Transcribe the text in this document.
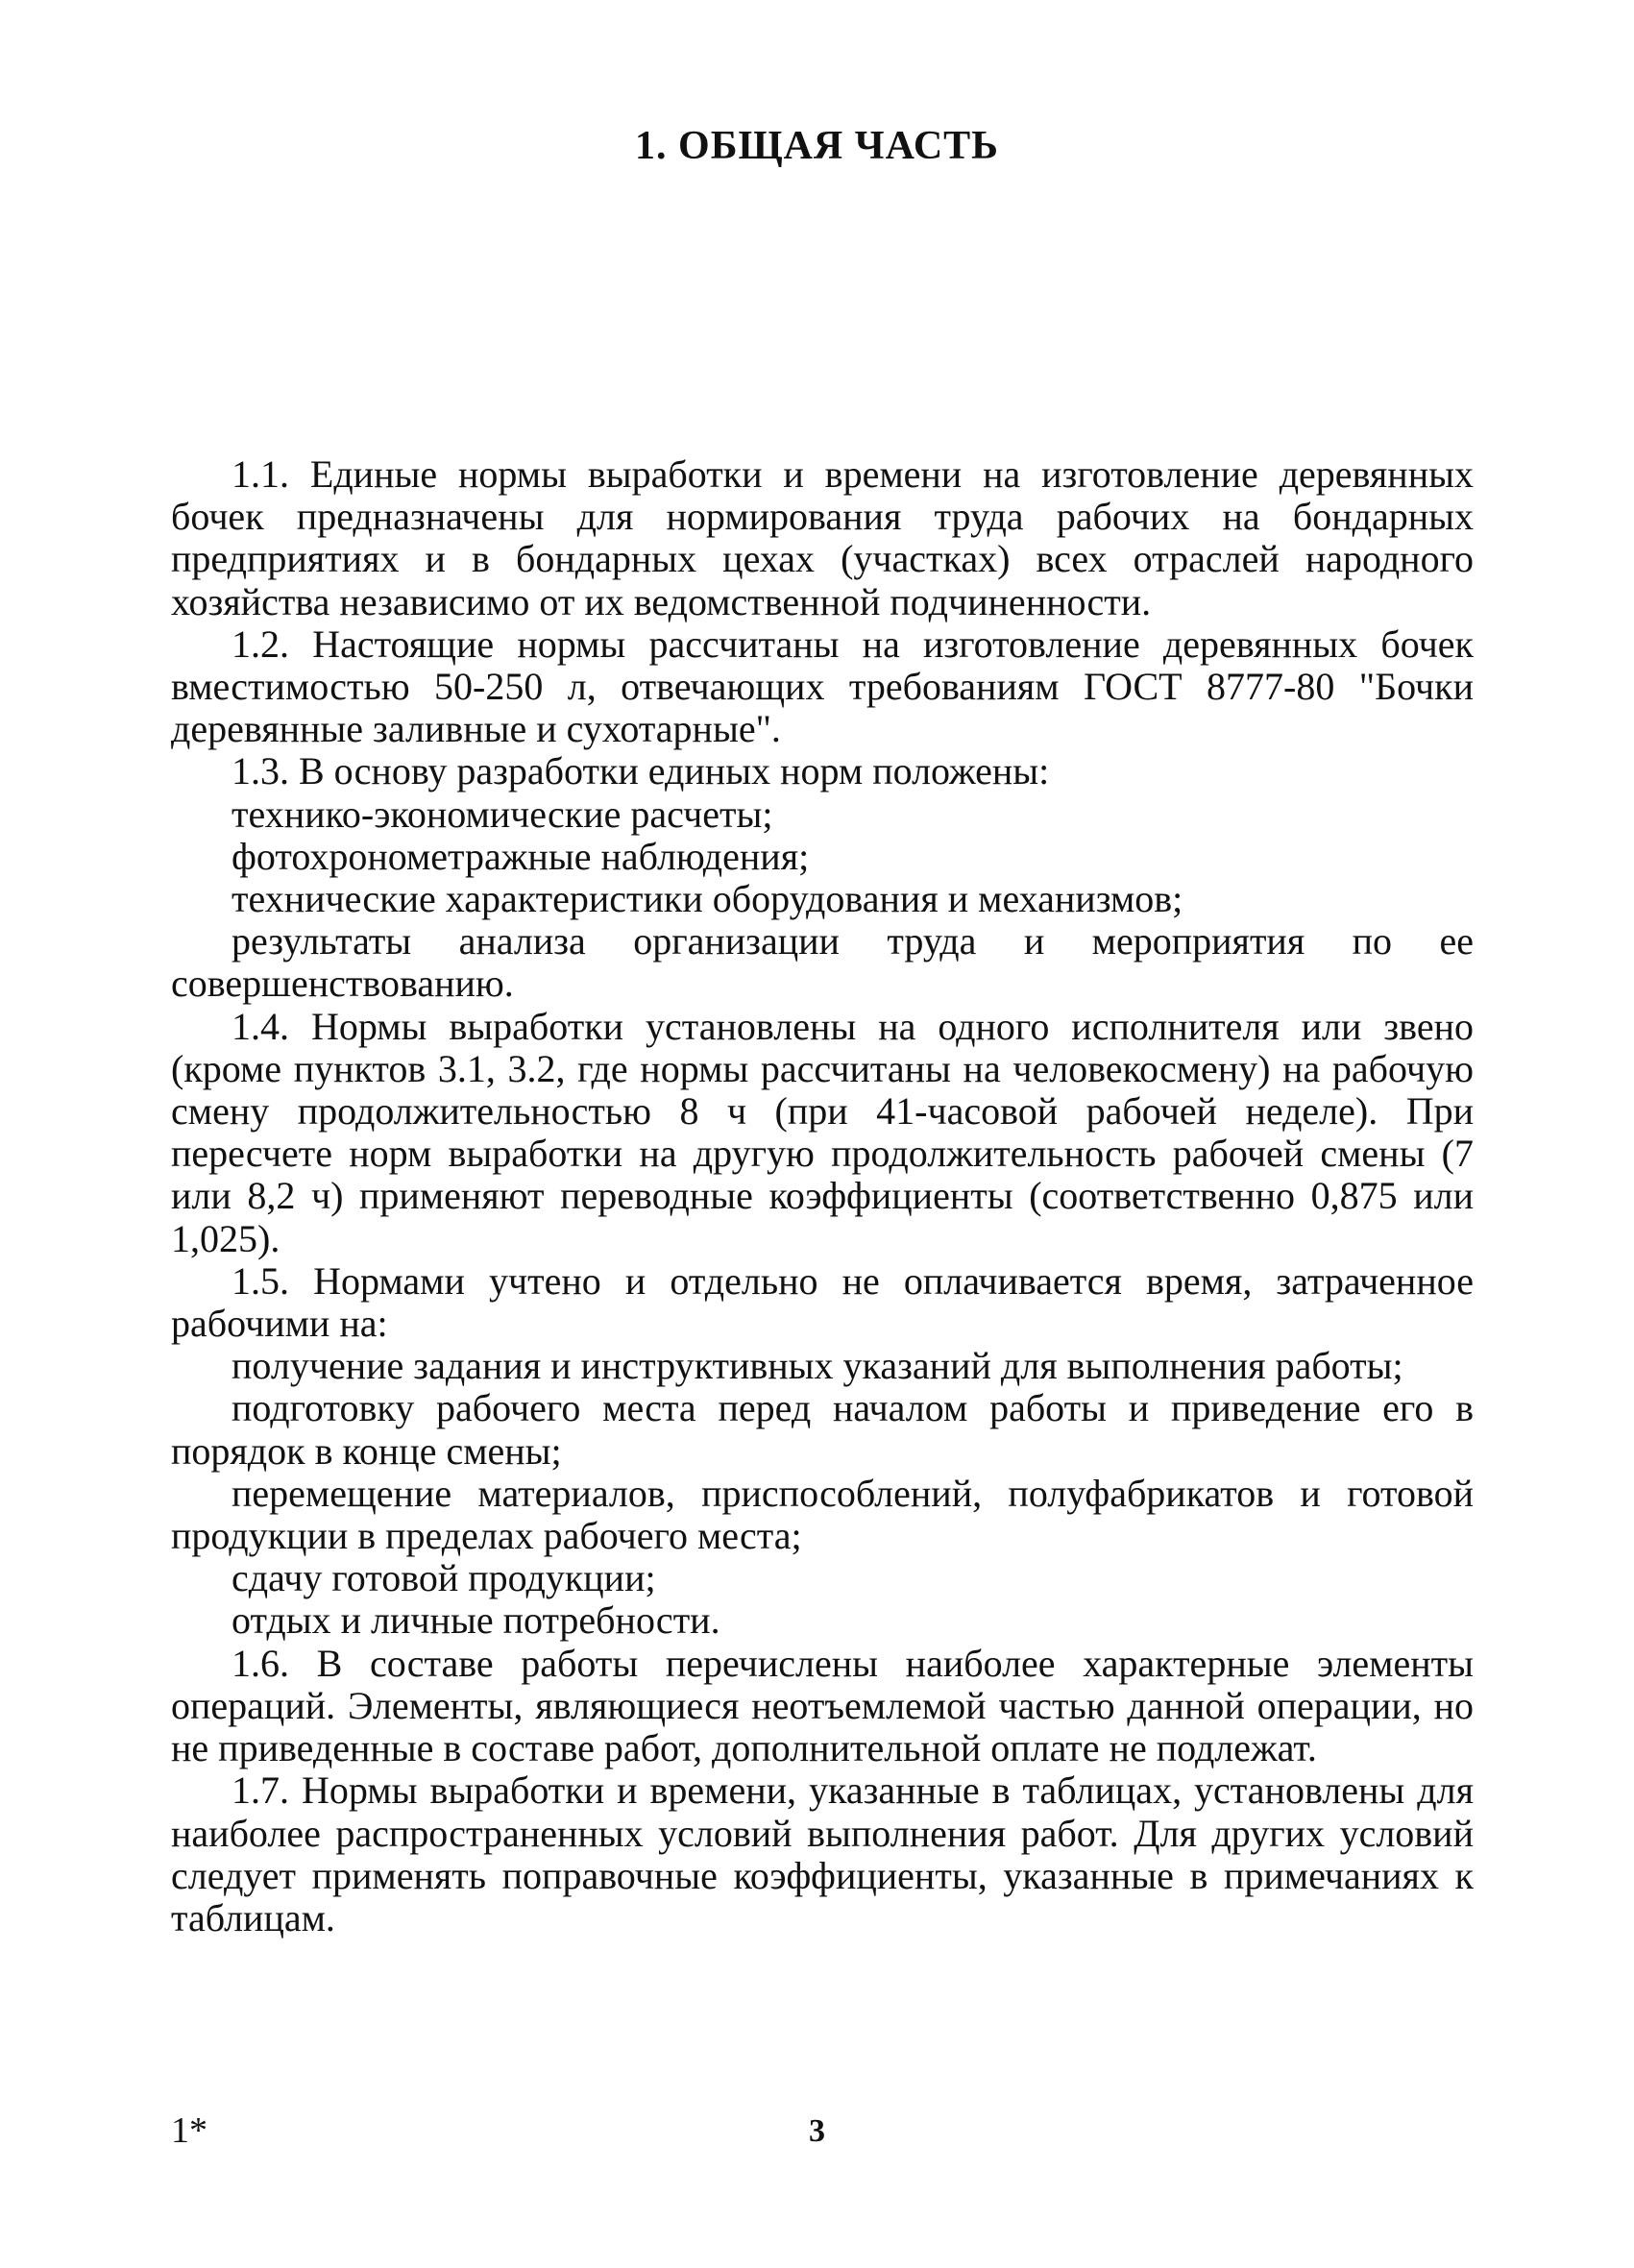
1. ОБЩАЯ ЧАСТЬ

1.1. Единые нормы выработки и времени на изготовление деревянных бочек предназначены для нормирования труда рабочих на бондарных предприятиях и в бондарных цехах (участках) всех отраслей народного хозяйства независимо от их ведомственной подчиненности.

1.2. Настоящие нормы рассчитаны на изготовление деревянных бочек вместимостью 50-250 л, отвечающих требованиям ГОСТ 8777-80 "Бочки деревянные заливные и сухотарные".

1.3. В основу разработки единых норм положены:

технико-экономические расчеты;

фотохронометражные наблюдения;

технические характеристики оборудования и механизмов;

результаты анализа организации труда и мероприятия по ее совершенствованию.

1.4. Нормы выработки установлены на одного исполнителя или звено (кроме пунктов 3.1, 3.2, где нормы рассчитаны на человекосмену) на рабочую смену продолжительностью 8 ч (при 41-часовой рабочей неделе). При пересчете норм выработки на другую продолжительность рабочей смены (7 или 8,2 ч) применяют переводные коэффициенты (соответственно 0,875 или 1,025).

1.5. Нормами учтено и отдельно не оплачивается время, затраченное рабочими на:

получение задания и инструктивных указаний для выполнения работы;

подготовку рабочего места перед началом работы и приведение его в порядок в конце смены;

перемещение материалов, приспособлений, полуфабрикатов и готовой продукции в пределах рабочего места;

сдачу готовой продукции;

отдых и личные потребности.

1.6. В составе работы перечислены наиболее характерные элементы операций. Элементы, являющиеся неотъемлемой частью данной операции, но не приведенные в составе работ, дополнительной оплате не подлежат.

1.7. Нормы выработки и времени, указанные в таблицах, установлены для наиболее распространенных условий выполнения работ. Для других условий следует применять поправочные коэффициенты, указанные в примечаниях к таблицам.

1*	3
